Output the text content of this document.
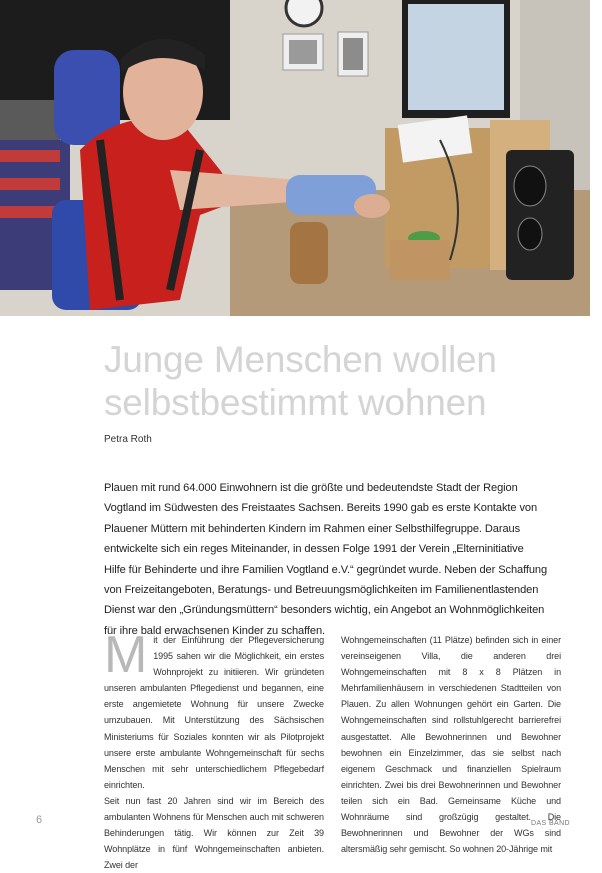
Junge Menschen wollen
selbstbestimmt wohnen
Petra Roth

Plauen mit rund 64.000 Einwohnern ist die größte und bedeutendste Stadt der Region Vogtland im Südwesten des Freistaates Sachsen. Bereits 1990 gab es erste Kontakte von Plauener Müttern mit behinderten Kindern im Rahmen einer Selbsthilfegruppe. Daraus entwickelte sich ein reges Miteinander, in dessen Folge 1991 der Verein „Elterninitiative Hilfe für Behinderte und ihre Familien Vogtland e.V.“ gegründet wurde. Neben der Schaffung von Freizeitangeboten, Beratungs- und Betreuungsmöglichkeiten im Familienentlastenden Dienst war den „Gründungsmüttern“ besonders wichtig, ein Angebot an Wohnmöglichkeiten für ihre bald erwachsenen Kinder zu schaffen.

M it der Einführung der Pflegeversicherung 1995 sahen wir die Möglichkeit, ein erstes Wohnprojekt zu initiieren. Wir gründeten unseren ambulanten Pflegedienst und begannen, eine erste angemietete Wohnung für unsere Zwecke umzubauen. Mit Unterstützung des Sächsischen Ministeriums für Soziales konnten wir als Pilotprojekt unsere erste ambulante Wohngemeinschaft für sechs Menschen mit sehr unterschiedlichem Pflegebedarf einrichten.

Seit nun fast 20 Jahren sind wir im Bereich des ambulanten Wohnens für Menschen auch mit schweren Behinderungen tätig. Wir können zur Zeit 39 Wohnplätze in fünf Wohngemeinschaften anbieten. Zwei der

Wohngemeinschaften (11 Plätze) befinden sich in einer vereinseigenen Villa, die anderen drei Wohngemeinschaften mit 8 x 8 Plätzen in Mehrfamilienhäusern in verschiedenen Stadtteilen von Plauen. Zu allen Wohnungen gehört ein Garten. Die Wohngemeinschaften sind rollstuhlgerecht barrierefrei ausgestattet. Alle Bewohnerinnen und Bewohner bewohnen ein Einzelzimmer, das sie selbst nach eigenem Geschmack und finanziellen Spielraum einrichten. Zwei bis drei Bewohnerinnen und Bewohner teilen sich ein Bad. Gemeinsame Küche und Wohnräume sind großzügig gestaltet. Die Bewohnerinnen und Bewohner der WGs sind altersmäßig sehr gemischt. So wohnen 20-Jährige mit

6	DAS BAND
